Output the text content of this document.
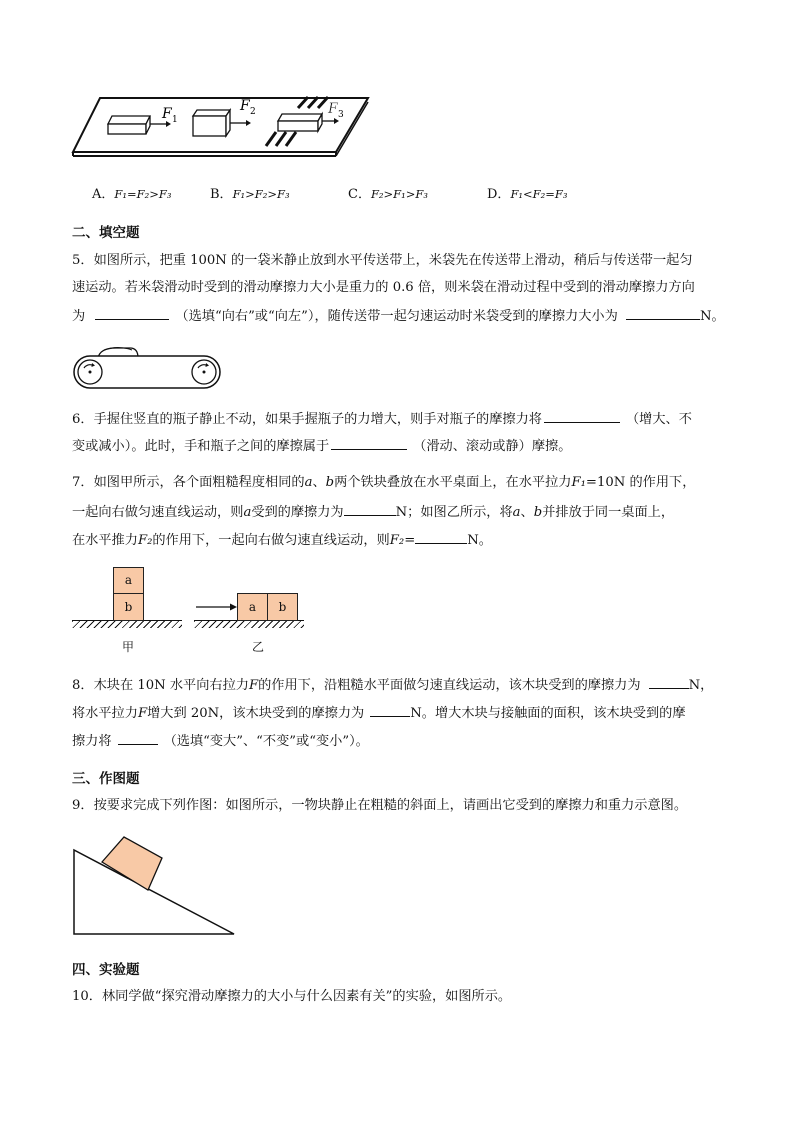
F 1
F 2	F 3
A．F₁=F₂>F₃	B．F₁>F₂>F₃	C．F₂>F₁>F₃	D．F₁<F₂=F₃
二、填空题
5．如图所示，把重 100N 的一袋米静止放到水平传送带上，米袋先在传送带上滑动，稍后与传送带一起匀
速运动。若米袋滑动时受到的滑动摩擦力大小是重力的 0.6 倍，则米袋在滑动过程中受到的滑动摩擦力方向
为	（选填“向右”或“向左”），随传送带一起匀速运动时米袋受到的摩擦力大小为	N。
6．手握住竖直的瓶子静止不动，如果手握瓶子的力增大，则手对瓶子的摩擦力将	（增大、不
变或减小）。此时，手和瓶子之间的摩擦属于	（滑动、滚动或静）摩擦。
7．如图甲所示，各个面粗糙程度相同的a、b两个铁块叠放在水平桌面上，在水平拉力F₁=10N 的作用下，
一起向右做匀速直线运动，则a受到的摩擦力为	N；如图乙所示，将a、b并排放于同一桌面上，
在水平推力F₂的作用下，一起向右做匀速直线运动，则F₂=	N。
a
b
甲
a	b
乙
8．木块在 10N 水平向右拉力F的作用下，沿粗糙水平面做匀速直线运动，该木块受到的摩擦力为	N，
将水平拉力F增大到 20N，该木块受到的摩擦力为	N。增大木块与接触面的面积，该木块受到的摩
擦力将	（选填“变大”、“不变”或“变小”）。
三、作图题
9．按要求完成下列作图：如图所示，一物块静止在粗糙的斜面上，请画出它受到的摩擦力和重力示意图。
四、实验题
10．林同学做“探究滑动摩擦力的大小与什么因素有关”的实验，如图所示。
